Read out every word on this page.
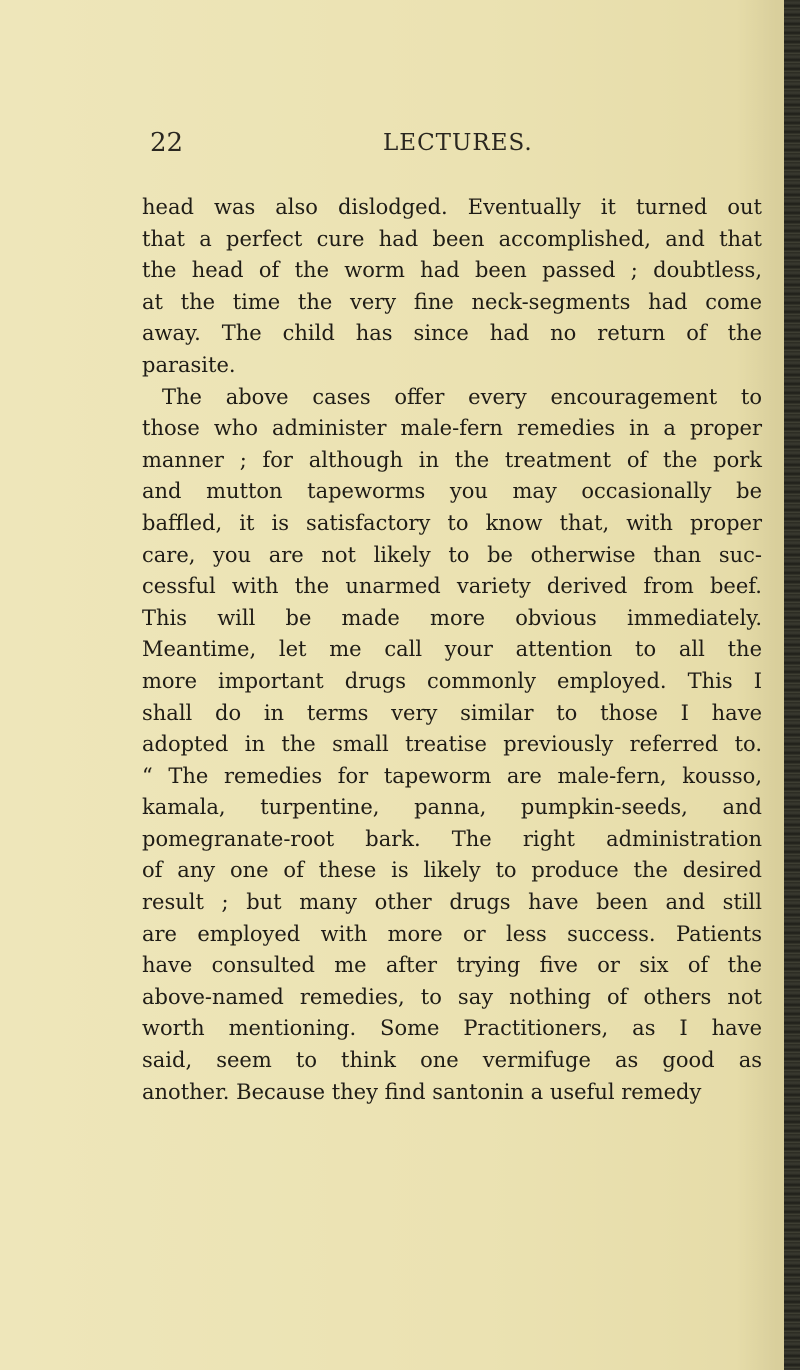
22	LECTURES.
head was also dislodged. Eventually it turned out
that a perfect cure had been accomplished, and that
the head of the worm had been passed ; doubtless,
at the time the very fine neck-segments had come
away. The child has since had no return of the
parasite.
The above cases offer every encouragement to
those who administer male-fern remedies in a proper
manner ; for although in the treatment of the pork
and mutton tapeworms you may occasionally be
baffled, it is satisfactory to know that, with proper
care, you are not likely to be otherwise than suc-
cessful with the unarmed variety derived from beef.
This will be made more obvious immediately.
Meantime, let me call your attention to all the
more important drugs commonly employed. This I
shall do in terms very similar to those I have
adopted in the small treatise previously referred to.
“ The remedies for tapeworm are male-fern, kousso,
kamala, turpentine, panna, pumpkin-seeds, and
pomegranate-root bark. The right administration
of any one of these is likely to produce the desired
result ; but many other drugs have been and still
are employed with more or less success. Patients
have consulted me after trying five or six of the
above-named remedies, to say nothing of others not
worth mentioning. Some Practitioners, as I have
said, seem to think one vermifuge as good as
another. Because they find santonin a useful remedy
